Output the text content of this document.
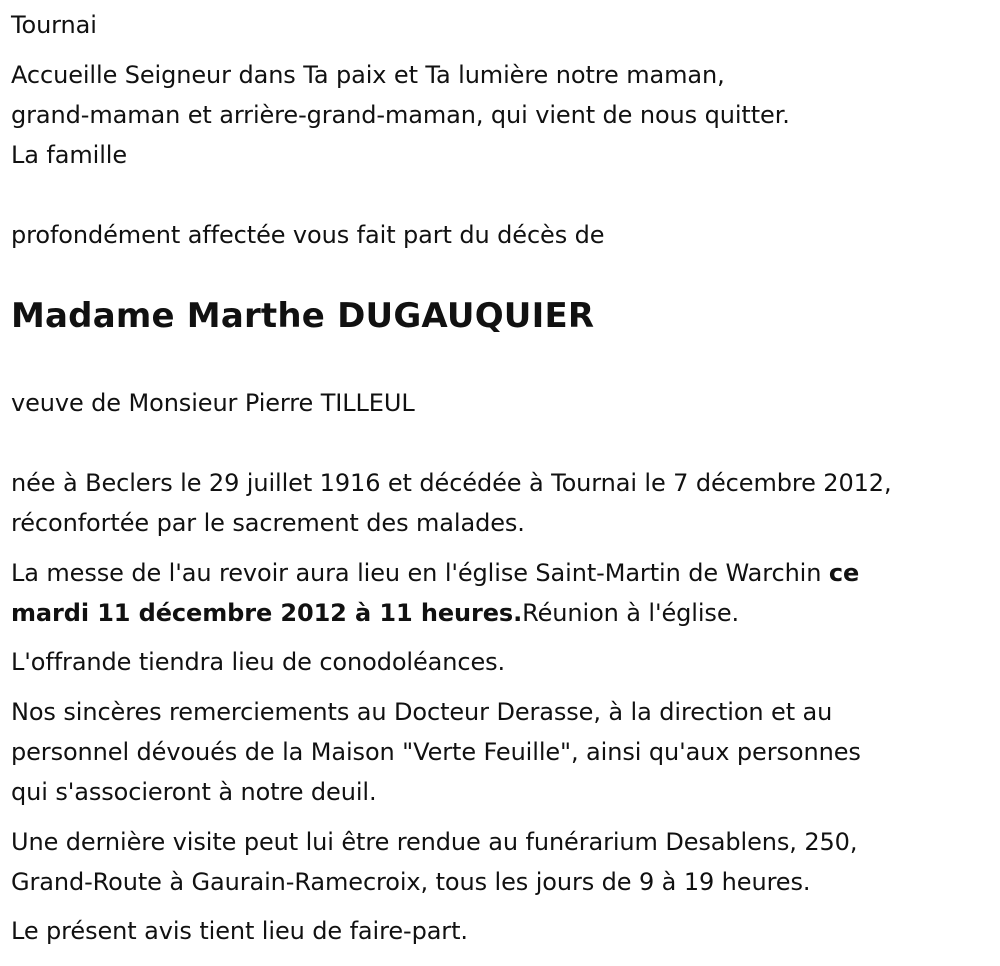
Tournai

Accueille Seigneur dans Ta paix et Ta lumière notre maman,

grand-maman et arrière-grand-maman, qui vient de nous quitter.

La famille

profondément affectée vous fait part du décès de

Madame Marthe DUGAUQUIER

veuve de Monsieur Pierre TILLEUL

née à Beclers le 29 juillet 1916 et décédée à Tournai le 7 décembre 2012,

réconfortée par le sacrement des malades.

La messe de l'au revoir aura lieu en l'église Saint-Martin de Warchin ce

mardi 11 décembre 2012 à 11 heures.Réunion à l'église.

L'offrande tiendra lieu de conodoléances.

Nos sincères remerciements au Docteur Derasse, à la direction et au

personnel dévoués de la Maison "Verte Feuille", ainsi qu'aux personnes

qui s'associeront à notre deuil.

Une dernière visite peut lui être rendue au funérarium Desablens, 250,

Grand-Route à Gaurain-Ramecroix, tous les jours de 9 à 19 heures.

Le présent avis tient lieu de faire-part.
